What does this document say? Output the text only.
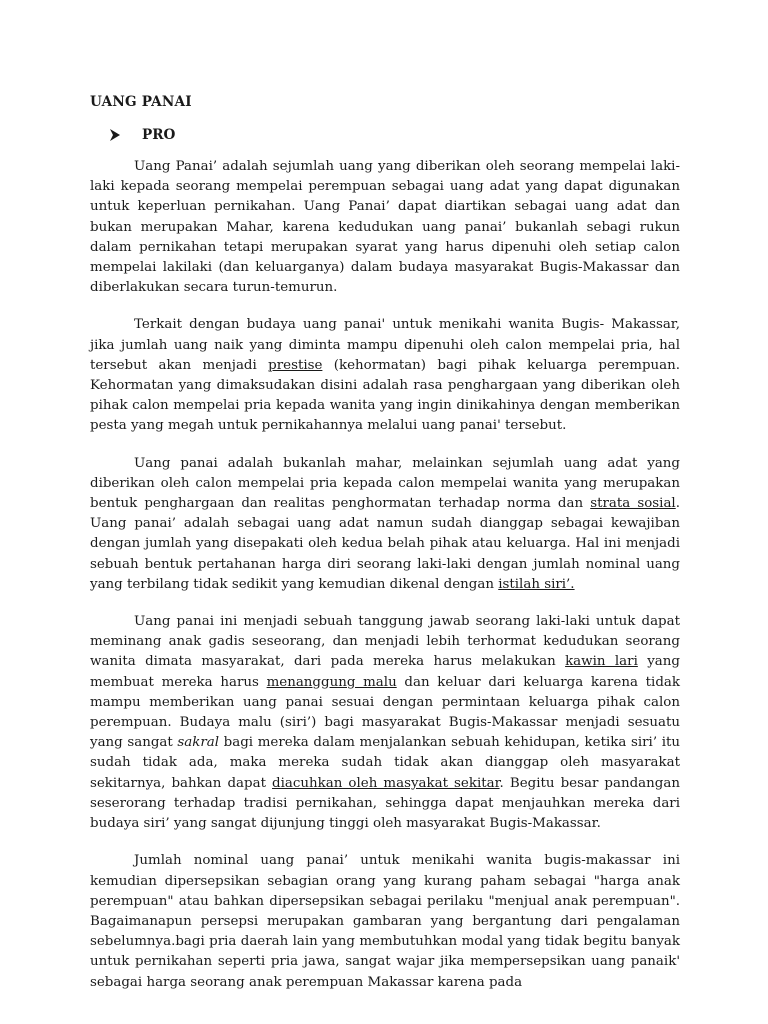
UANG PANAI
PRO

Uang Panai’ adalah sejumlah uang yang diberikan oleh seorang mempelai laki-laki kepada seorang mempelai perempuan sebagai uang adat yang dapat digunakan untuk keperluan pernikahan. Uang Panai’ dapat diartikan sebagai uang adat dan bukan merupakan Mahar, karena kedudukan uang panai’ bukanlah sebagi rukun dalam pernikahan tetapi merupakan syarat yang harus dipenuhi oleh setiap calon mempelai lakilaki (dan keluarganya) dalam budaya masyarakat Bugis-Makassar dan diberlakukan secara turun-temurun.

Terkait dengan budaya uang panai' untuk menikahi wanita Bugis- Makassar, jika jumlah uang naik yang diminta mampu dipenuhi oleh calon mempelai pria, hal tersebut akan menjadi prestise (kehormatan) bagi pihak keluarga perempuan. Kehormatan yang dimaksudakan disini adalah rasa penghargaan yang diberikan oleh pihak calon mempelai pria kepada wanita yang ingin dinikahinya dengan memberikan pesta yang megah untuk pernikahannya melalui uang panai' tersebut.

Uang panai adalah bukanlah mahar, melainkan sejumlah uang adat yang diberikan oleh calon mempelai pria kepada calon mempelai wanita yang merupakan bentuk penghargaan dan realitas penghormatan terhadap norma dan strata sosial. Uang panai’ adalah sebagai uang adat namun sudah dianggap sebagai kewajiban dengan jumlah yang disepakati oleh kedua belah pihak atau keluarga. Hal ini menjadi sebuah bentuk pertahanan harga diri seorang laki-laki dengan jumlah nominal uang yang terbilang tidak sedikit yang kemudian dikenal dengan istilah siri’.

Uang panai ini menjadi sebuah tanggung jawab seorang laki-laki untuk dapat meminang anak gadis seseorang, dan menjadi lebih terhormat kedudukan seorang wanita dimata masyarakat, dari pada mereka harus melakukan kawin lari yang membuat mereka harus menanggung malu dan keluar dari keluarga karena tidak mampu memberikan uang panai sesuai dengan permintaan keluarga pihak calon perempuan. Budaya malu (siri’) bagi masyarakat Bugis-Makassar menjadi sesuatu yang sangat sakral bagi mereka dalam menjalankan sebuah kehidupan, ketika siri’ itu sudah tidak ada, maka mereka sudah tidak akan dianggap oleh masyarakat sekitarnya, bahkan dapat diacuhkan oleh masyakat sekitar. Begitu besar pandangan seserorang terhadap tradisi pernikahan, sehingga dapat menjauhkan mereka dari budaya siri’ yang sangat dijunjung tinggi oleh masyarakat Bugis-Makassar.

Jumlah nominal uang panai’ untuk menikahi wanita bugis-makassar ini kemudian dipersepsikan sebagian orang yang kurang paham sebagai "harga anak perempuan" atau bahkan dipersepsikan sebagai perilaku "menjual anak perempuan". Bagaimanapun persepsi merupakan gambaran yang bergantung dari pengalaman sebelumnya.bagi pria daerah lain yang membutuhkan modal yang tidak begitu banyak untuk pernikahan seperti pria jawa, sangat wajar jika mempersepsikan uang panaik' sebagai harga seorang anak perempuan Makassar karena pada
